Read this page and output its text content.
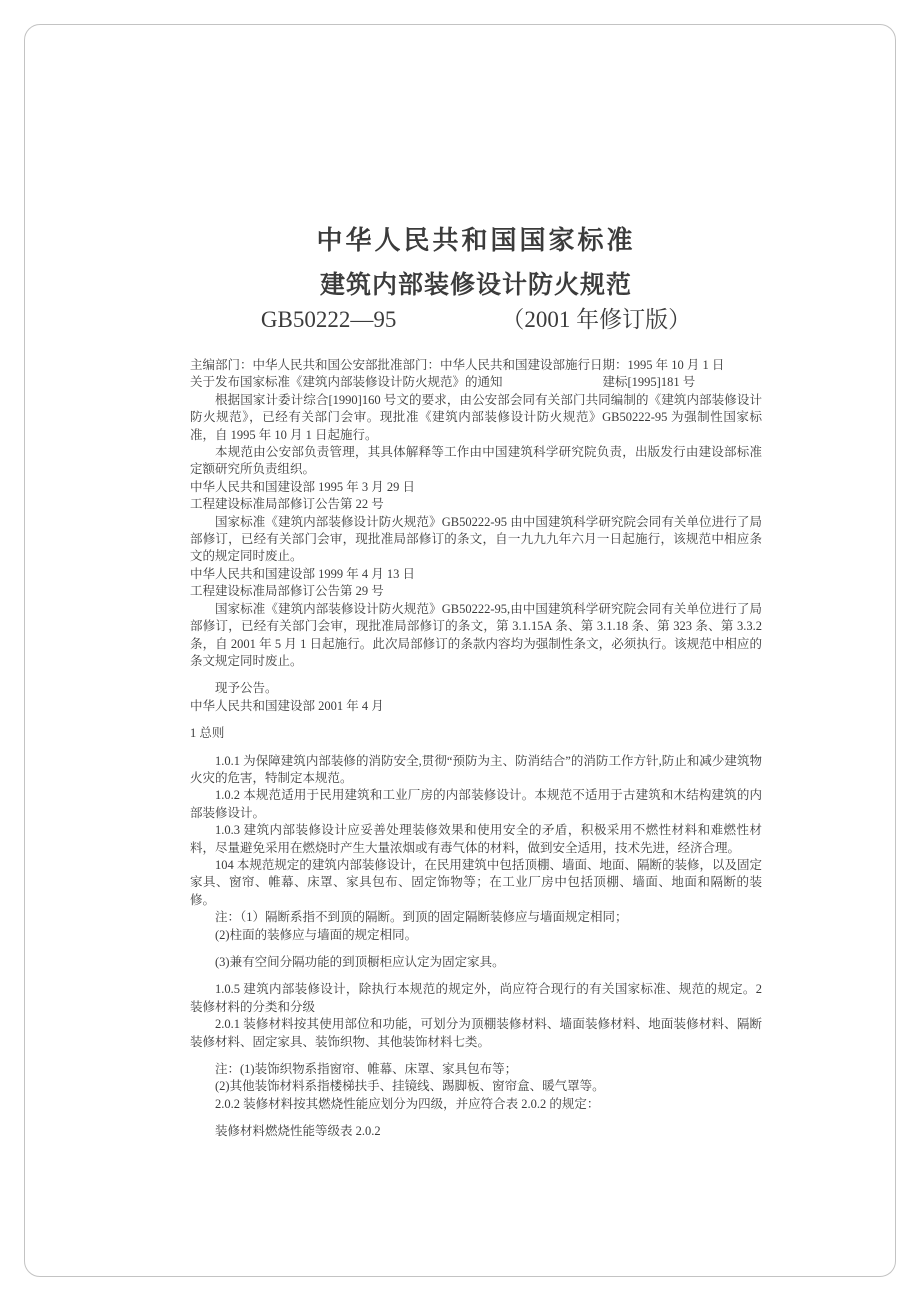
中华人民共和国国家标准
建筑内部装修设计防火规范
GB50222—95	（2001 年修订版）

主编部门：中华人民共和国公安部批准部门：中华人民共和国建设部施行日期：1995 年 10 月 1 日

关于发布国家标准《建筑内部装修设计防火规范》的通知　　　　　　　　建标[1995]181 号

根据国家计委计综合[1990]160 号文的要求，由公安部会同有关部门共同编制的《建筑内部装修设计防火规范》，已经有关部门会审。现批准《建筑内部装修设计防火规范》GB50222-95 为强制性国家标准，自 1995 年 10 月 1 日起施行。

本规范由公安部负责管理，其具体解释等工作由中国建筑科学研究院负责，出版发行由建设部标准定额研究所负责组织。

中华人民共和国建设部 1995 年 3 月 29 日

工程建设标准局部修订公告第 22 号

国家标准《建筑内部装修设计防火规范》GB50222-95 由中国建筑科学研究院会同有关单位进行了局部修订，已经有关部门会审，现批准局部修订的条文，自一九九九年六月一日起施行，该规范中相应条文的规定同时废止。

中华人民共和国建设部 1999 年 4 月 13 日

工程建设标准局部修订公告第 29 号

国家标准《建筑内部装修设计防火规范》GB50222-95,由中国建筑科学研究院会同有关单位进行了局部修订，已经有关部门会审，现批准局部修订的条文，第 3.1.15A 条、第 3.1.18 条、第 323 条、第 3.3.2 条，自 2001 年 5 月 1 日起施行。此次局部修订的条款内容均为强制性条文，必须执行。该规范中相应的条文规定同时废止。

现予公告。

中华人民共和国建设部 2001 年 4 月

1 总则

1.0.1 为保障建筑内部装修的消防安全,贯彻“预防为主、防消结合”的消防工作方针,防止和减少建筑物火灾的危害，特制定本规范。

1.0.2 本规范适用于民用建筑和工业厂房的内部装修设计。本规范不适用于古建筑和木结构建筑的内部装修设计。

1.0.3 建筑内部装修设计应妥善处理装修效果和使用安全的矛盾，积极采用不燃性材料和难燃性材料，尽量避免采用在燃烧时产生大量浓烟或有毒气体的材料，做到安全适用，技术先进，经济合理。

104 本规范规定的建筑内部装修设计，在民用建筑中包括顶棚、墙面、地面、隔断的装修，以及固定家具、窗帘、帷幕、床罩、家具包布、固定饰物等；在工业厂房中包括顶棚、墙面、地面和隔断的装修。

注：（1）隔断系指不到顶的隔断。到顶的固定隔断装修应与墙面规定相同；

(2)柱面的装修应与墙面的规定相同。

(3)兼有空间分隔功能的到顶橱柜应认定为固定家具。

1.0.5 建筑内部装修设计，除执行本规范的规定外，尚应符合现行的有关国家标准、规范的规定。2 装修材料的分类和分级

2.0.1 装修材料按其使用部位和功能，可划分为顶棚装修材料、墙面装修材料、地面装修材料、隔断装修材料、固定家具、装饰织物、其他装饰材料七类。

注：(1)装饰织物系指窗帘、帷幕、床罩、家具包布等；

(2)其他装饰材料系指楼梯扶手、挂镜线、踢脚板、窗帘盒、暖气罩等。

2.0.2 装修材料按其燃烧性能应划分为四级，并应符合表 2.0.2 的规定：

装修材料燃烧性能等级表 2.0.2
